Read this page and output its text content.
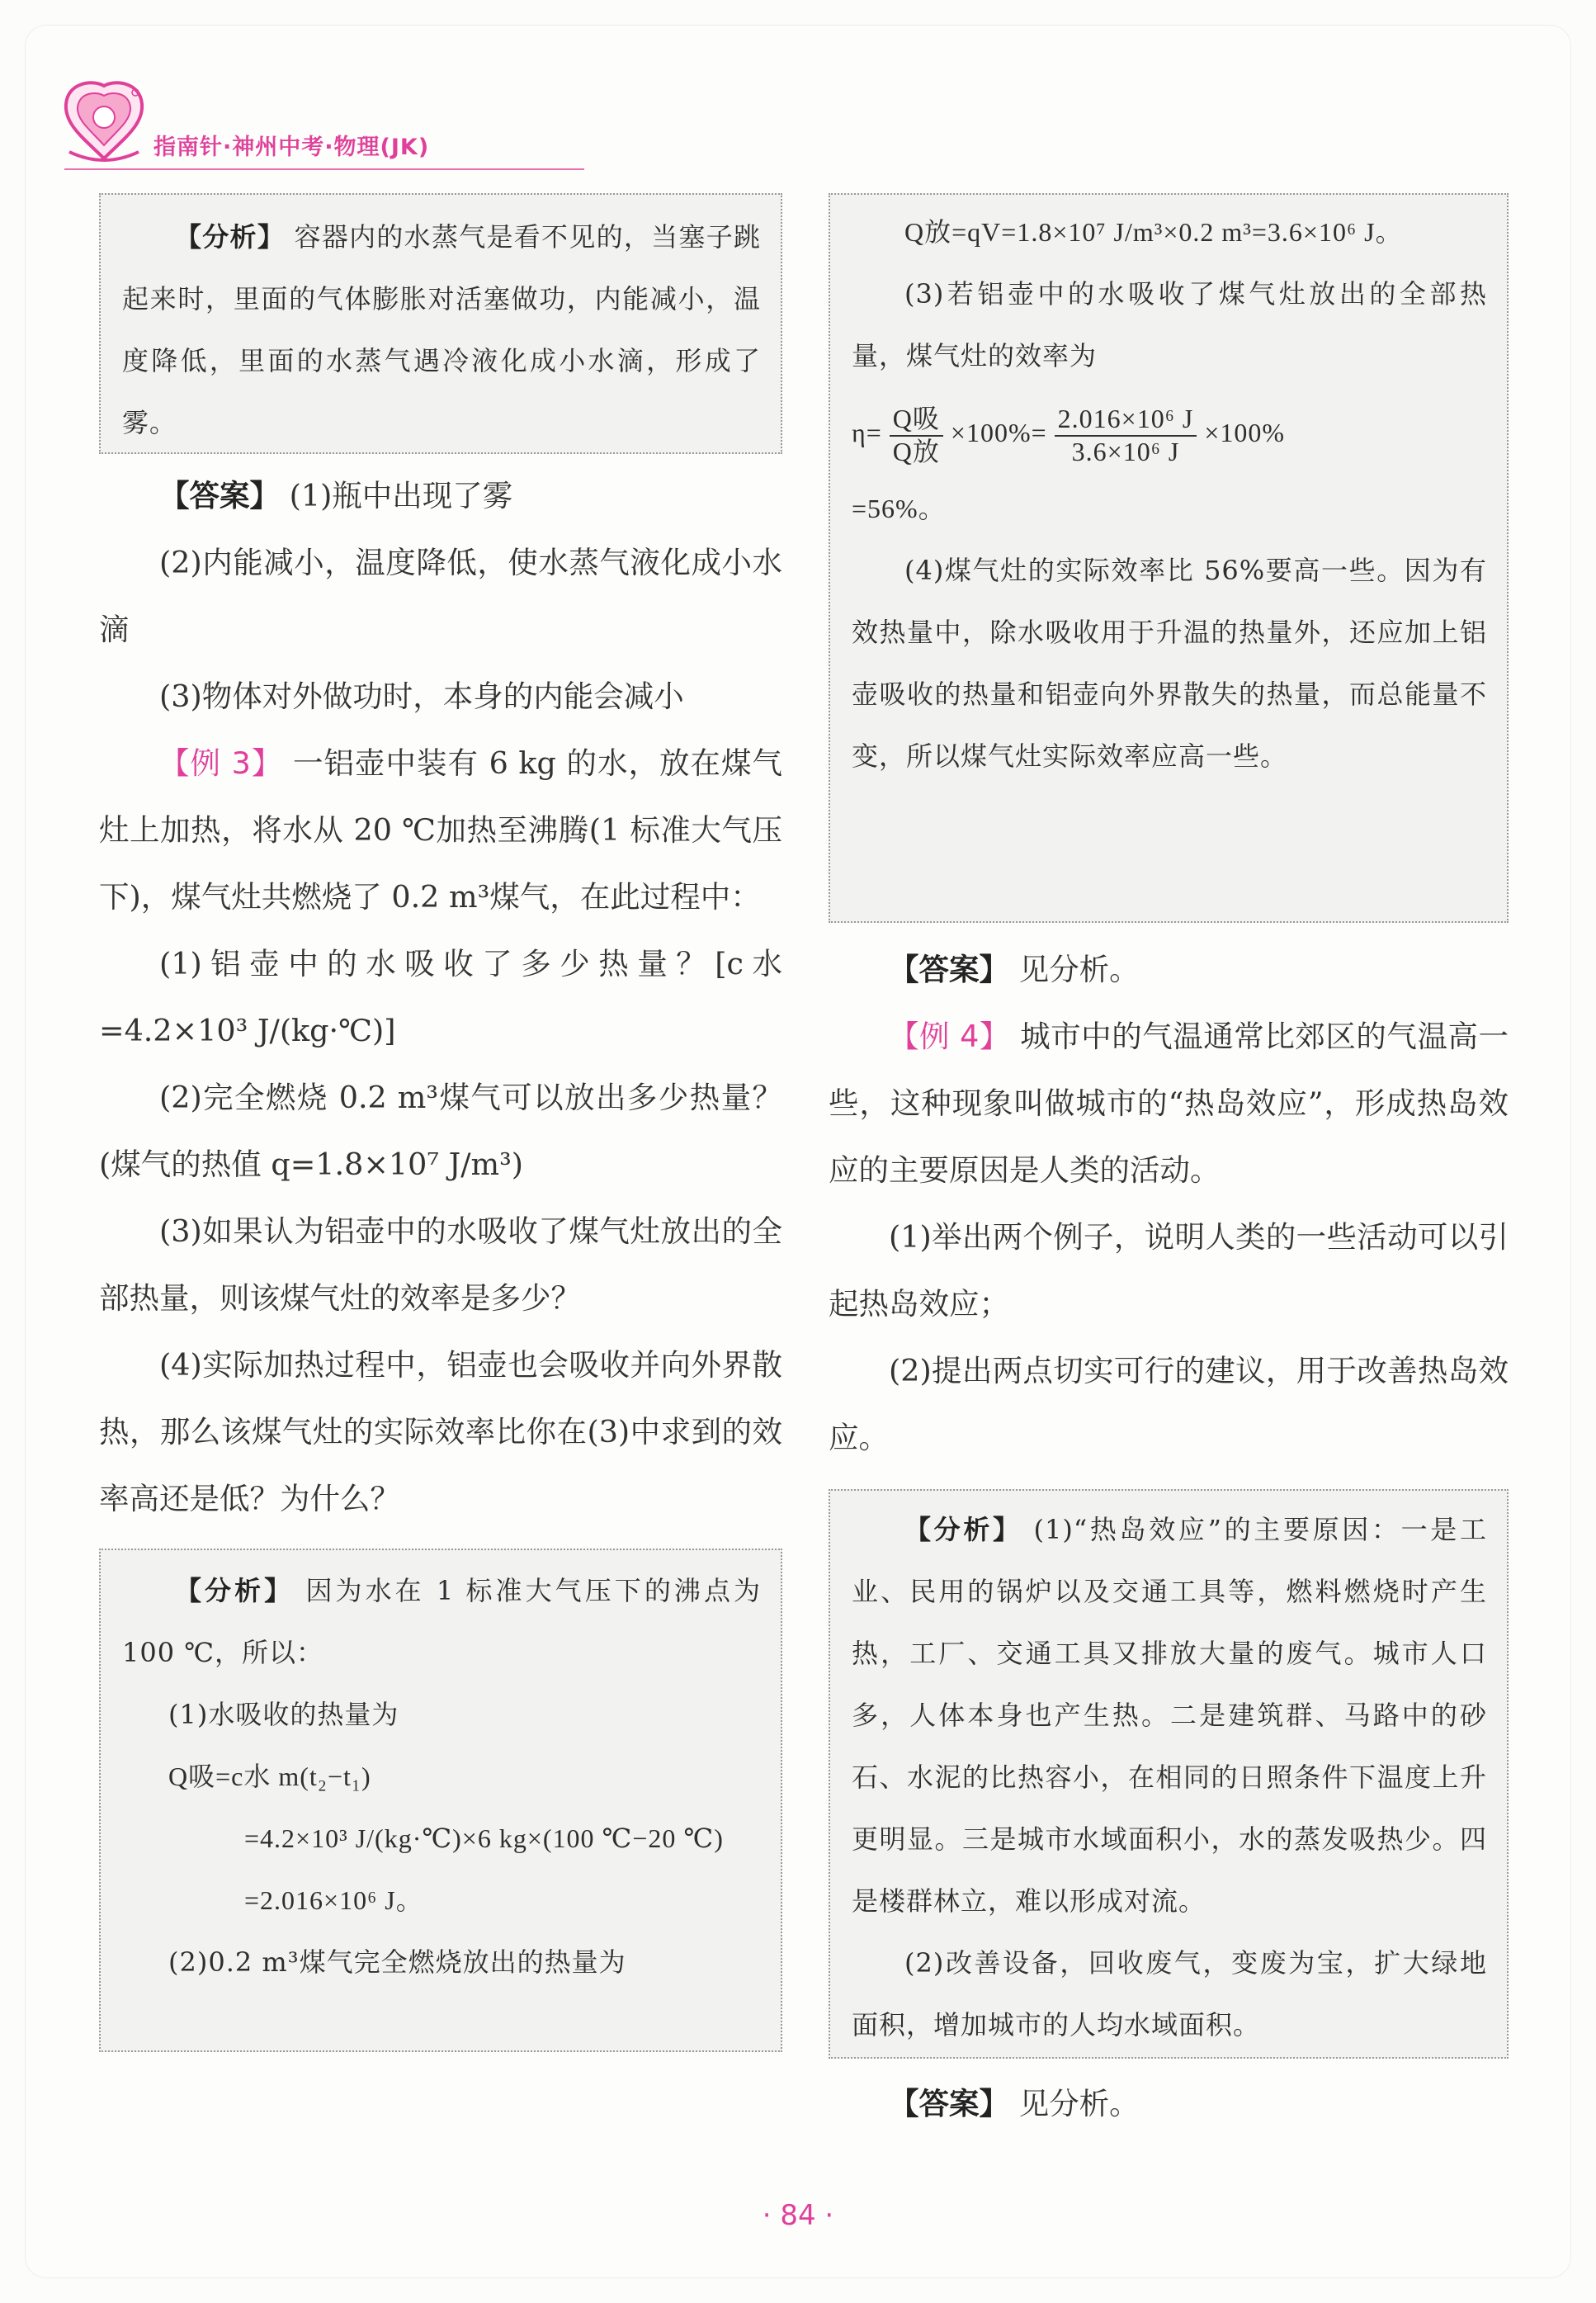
指南针·神州中考·物理(JK)

【分析】 容器内的水蒸气是看不见的，当塞子跳起来时，里面的气体膨胀对活塞做功，内能减小，温度降低，里面的水蒸气遇冷液化成小水滴，形成了雾。

【答案】 (1)瓶中出现了雾

(2)内能减小，温度降低，使水蒸气液化成小水滴

(3)物体对外做功时，本身的内能会减小

【例 3】 一铝壶中装有 6 kg 的水，放在煤气灶上加热，将水从 20 ℃加热至沸腾(1 标准大气压下)，煤气灶共燃烧了 0.2 m³煤气，在此过程中：

(1)铝壶中的水吸收了多少热量？[c水=4.2×10³ J/(kg·℃)]

(2)完全燃烧 0.2 m³煤气可以放出多少热量？(煤气的热值 q=1.8×10⁷ J/m³)

(3)如果认为铝壶中的水吸收了煤气灶放出的全部热量，则该煤气灶的效率是多少？

(4)实际加热过程中，铝壶也会吸收并向外界散热，那么该煤气灶的实际效率比你在(3)中求到的效率高还是低？为什么？

【分析】 因为水在 1 标准大气压下的沸点为 100 ℃，所以：

(1)水吸收的热量为

Q吸=c水 m(t₂−t₁)

=4.2×10³ J/(kg·℃)×6 kg×(100 ℃−20 ℃)

=2.016×10⁶ J。

(2)0.2 m³煤气完全燃烧放出的热量为

Q放=qV=1.8×10⁷ J/m³×0.2 m³=3.6×10⁶ J。

(3)若铝壶中的水吸收了煤气灶放出的全部热量，煤气灶的效率为

$\eta= \frac{\text{Q吸}}{\text{Q放}} \times 100\%= \frac{\text{2.016×10⁶ J}}{\text{3.6×10⁶ J}} \times 100\%$

=56%。

(4)煤气灶的实际效率比 56%要高一些。因为有效热量中，除水吸收用于升温的热量外，还应加上铝壶吸收的热量和铝壶向外界散失的热量，而总能量不变，所以煤气灶实际效率应高一些。

【答案】 见分析。

【例 4】 城市中的气温通常比郊区的气温高一些，这种现象叫做城市的“热岛效应”，形成热岛效应的主要原因是人类的活动。

(1)举出两个例子，说明人类的一些活动可以引起热岛效应；

(2)提出两点切实可行的建议，用于改善热岛效应。

【分析】 (1)“热岛效应”的主要原因：一是工业、民用的锅炉以及交通工具等，燃料燃烧时产生热，工厂、交通工具又排放大量的废气。城市人口多，人体本身也产生热。二是建筑群、马路中的砂石、水泥的比热容小，在相同的日照条件下温度上升更明显。三是城市水域面积小，水的蒸发吸热少。四是楼群林立，难以形成对流。

(2)改善设备，回收废气，变废为宝，扩大绿地面积，增加城市的人均水域面积。

【答案】 见分析。

· 84 ·
